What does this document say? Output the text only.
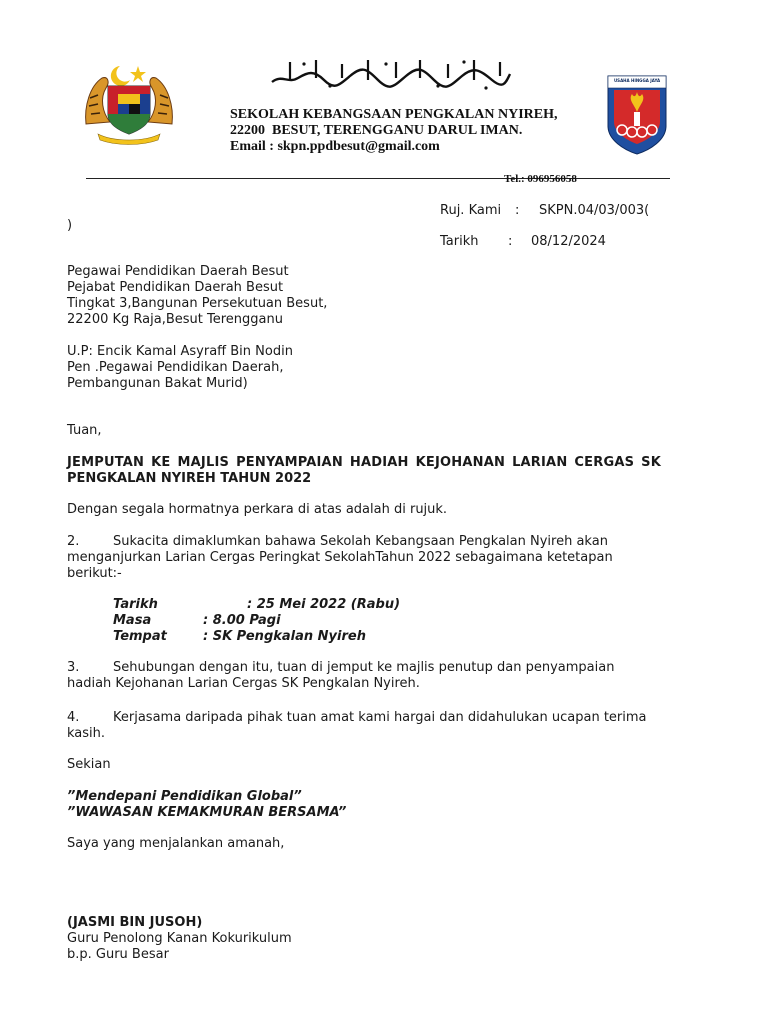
SEKOLAH KEBANGSAAN PENGKALAN NYIREH,
22200  BESUT, TERENGGANU DARUL IMAN.
Email : skpn.ppdbesut@gmail.com
USAHA HINGGA JAYA
Tel.: 096956058
Ruj. Kami : SKPN.04/03/003(
)
Tarikh : 08/12/2024

Pegawai Pendidikan Daerah Besut

Pejabat Pendidikan Daerah Besut

Tingkat 3,Bangunan Persekutuan Besut,

22200 Kg Raja,Besut Terengganu

U.P: Encik Kamal Asyraff Bin Nodin

Pen .Pegawai Pendidikan Daerah,

Pembangunan Bakat Murid)

Tuan,
JEMPUTAN KE MAJLIS PENYAMPAIAN HADIAH KEJOHANAN LARIAN CERGAS SK
PENGKALAN NYIREH TAHUN 2022
Dengan segala hormatnya perkara di atas adalah di rujuk.
2.	Sukacita dimaklumkan bahawa Sekolah Kebangsaan Pengkalan Nyireh akan
menganjurkan Larian Cergas Peringkat SekolahTahun 2022 sebagaimana ketetapan
berikut:-
Tarikh	: 25 Mei 2022 (Rabu)
Masa	: 8.00 Pagi
Tempat	: SK Pengkalan Nyireh
3.	Sehubungan dengan itu, tuan di jemput ke majlis penutup dan penyampaian
hadiah Kejohanan Larian Cergas SK Pengkalan Nyireh.
4.	Kerjasama daripada pihak tuan amat kami hargai dan didahulukan ucapan terima
kasih.
Sekian
”Mendepani Pendidikan Global”
”WAWASAN KEMAKMURAN BERSAMA”
Saya yang menjalankan amanah,
(JASMI BIN JUSOH)
Guru Penolong Kanan Kokurikulum
b.p. Guru Besar
